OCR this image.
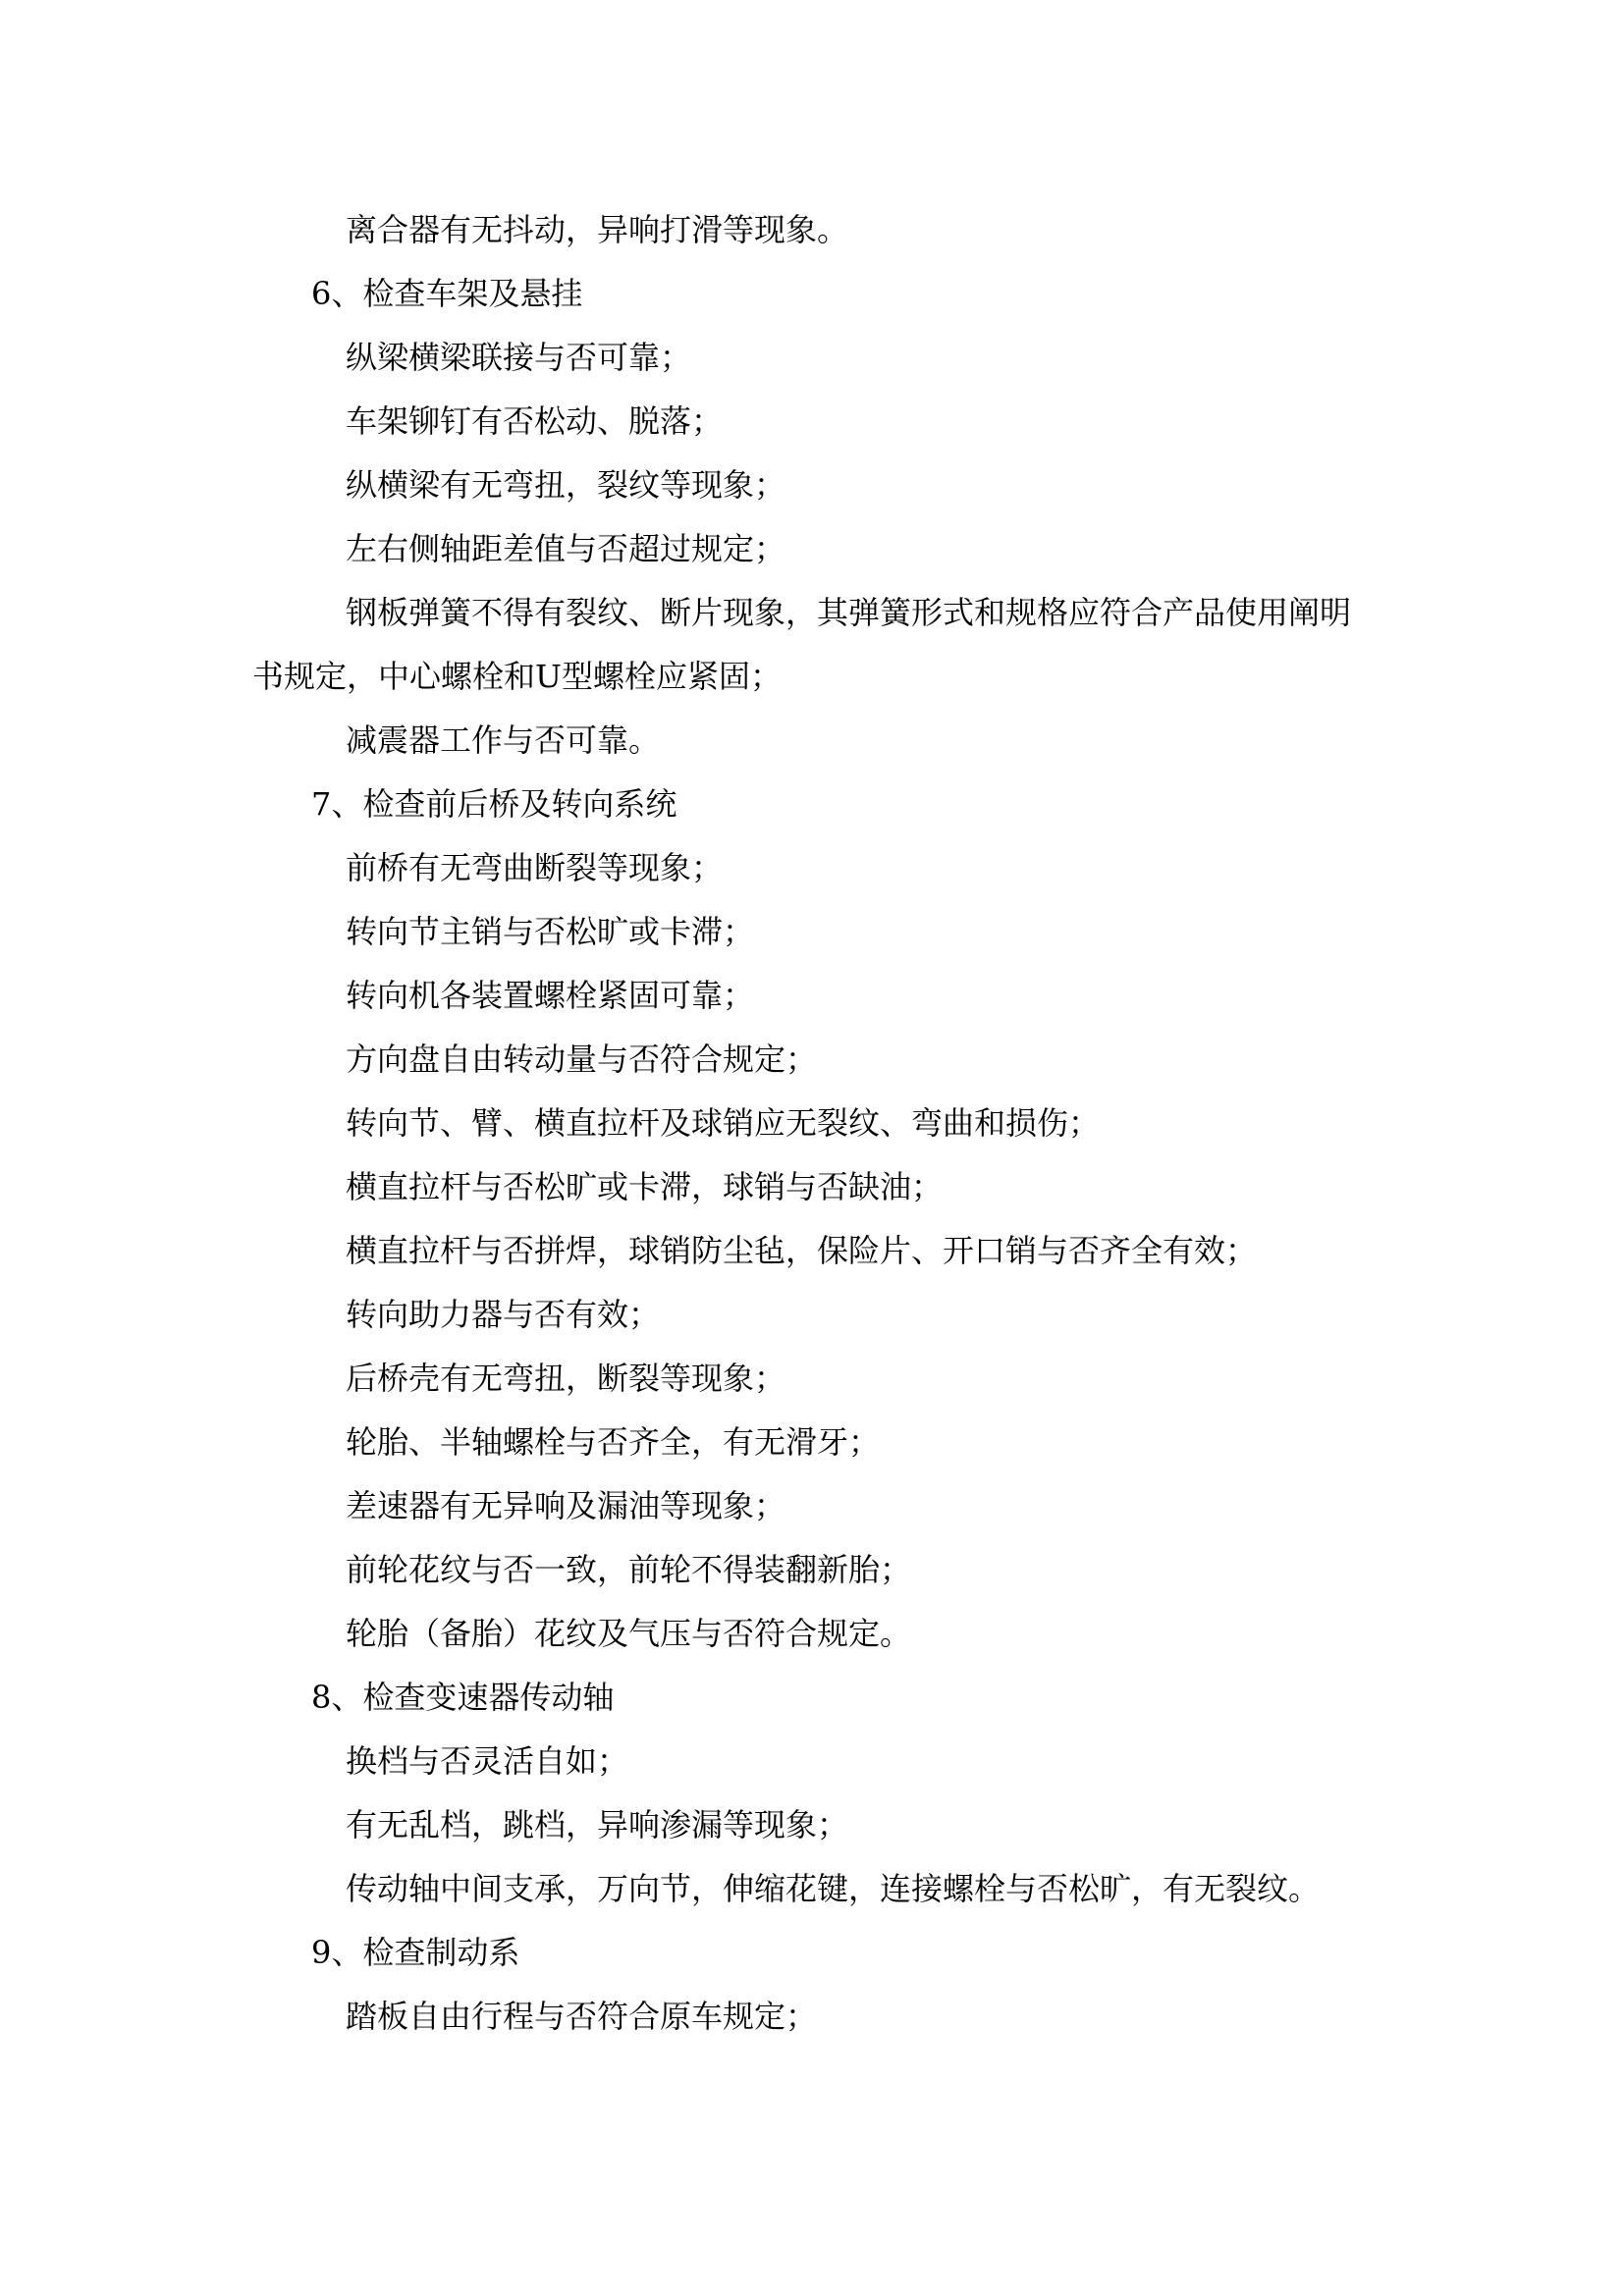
离合器有无抖动，异响打滑等现象。
6、检查车架及悬挂
纵梁横梁联接与否可靠；
车架铆钉有否松动、脱落；
纵横梁有无弯扭，裂纹等现象；
左右侧轴距差值与否超过规定；
钢板弹簧不得有裂纹、断片现象，其弹簧形式和规格应符合产品使用阐明
书规定，中心螺栓和U型螺栓应紧固；
减震器工作与否可靠。
7、检查前后桥及转向系统
前桥有无弯曲断裂等现象；
转向节主销与否松旷或卡滞；
转向机各装置螺栓紧固可靠；
方向盘自由转动量与否符合规定；
转向节、臂、横直拉杆及球销应无裂纹、弯曲和损伤；
横直拉杆与否松旷或卡滞，球销与否缺油；
横直拉杆与否拼焊，球销防尘毡，保险片、开口销与否齐全有效；
转向助力器与否有效；
后桥壳有无弯扭，断裂等现象；
轮胎、半轴螺栓与否齐全，有无滑牙；
差速器有无异响及漏油等现象；
前轮花纹与否一致，前轮不得装翻新胎；
轮胎（备胎）花纹及气压与否符合规定。
8、检查变速器传动轴
换档与否灵活自如；
有无乱档，跳档，异响渗漏等现象；
传动轴中间支承，万向节，伸缩花键，连接螺栓与否松旷，有无裂纹。
9、检查制动系
踏板自由行程与否符合原车规定；
